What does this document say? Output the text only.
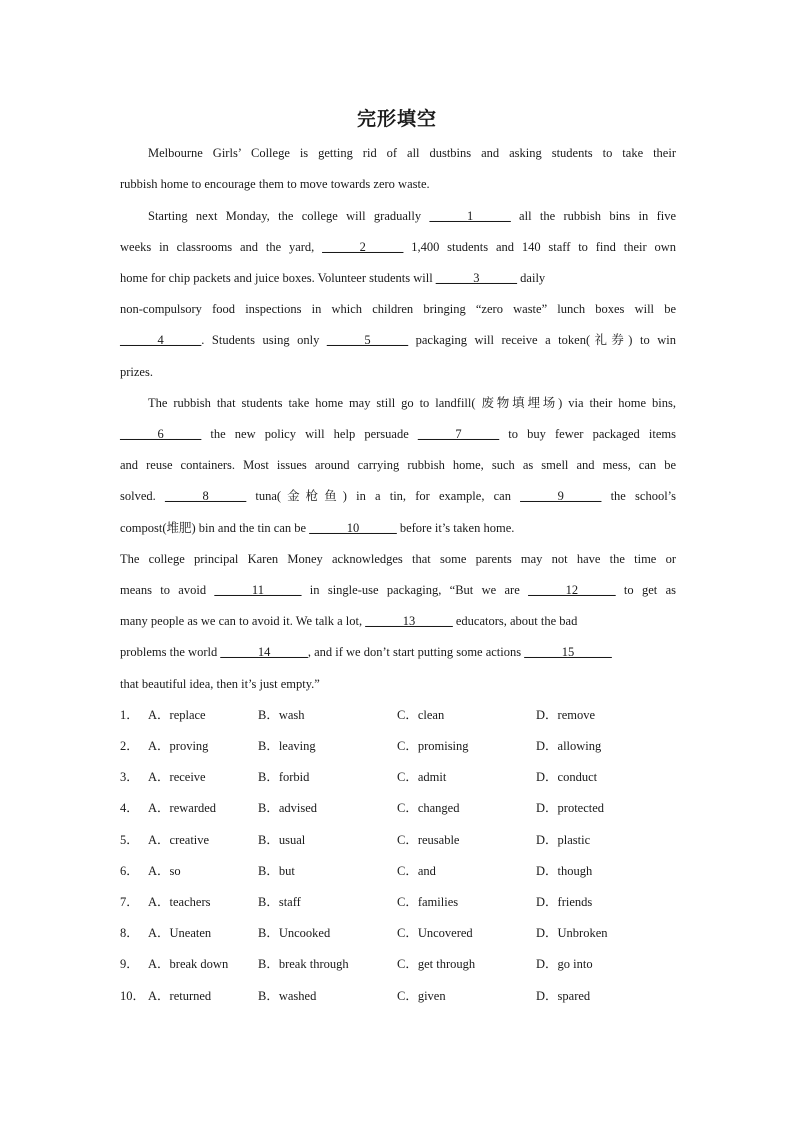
完形填空
Melbourne Girls’ College is getting rid of all dustbins and asking students to take their
rubbish home to encourage them to move towards zero waste.
Starting next Monday, the college will gradually ______1______ all the rubbish bins in five
weeks in classrooms and the yard, ______2______ 1,400 students and 140 staff to find their own
home for chip packets and juice boxes. Volunteer students will ______3______ daily
non-compulsory food inspections in which children bringing “zero waste” lunch boxes will be
______4______. Students using only ______5______ packaging will receive a token(礼券) to win
prizes.
The rubbish that students take home may still go to landfill( 废物填埋场) via their home bins,
______6______ the new policy will help persuade ______7______ to buy fewer packaged items
and reuse containers. Most issues around carrying rubbish home, such as smell and mess, can be
solved. ______8______ tuna(金枪鱼) in a tin, for example, can ______9______ the school’s
compost(堆肥) bin and the tin can be ______10______ before it’s taken home.
The college principal Karen Money acknowledges that some parents may not have the time or
means to avoid ______11______ in single-use packaging, “But we are ______12______ to get as
many people as we can to avoid it. We talk a lot, ______13______ educators, about the bad
problems the world ______14______, and if we don’t start putting some actions ______15______
that beautiful idea, then it’s just empty.”
1． A．replace	B．wash	C．clean	D．remove
2． A．proving	B．leaving	C．promising	D．allowing
3． A．receive	B．forbid	C．admit	D．conduct
4． A．rewarded	B．advised	C．changed	D．protected
5． A．creative	B．usual	C．reusable	D．plastic
6． A．so	B．but	C．and	D．though
7． A．teachers	B．staff	C．families	D．friends
8． A．Uneaten	B．Uncooked	C．Uncovered	D．Unbroken
9． A．break down B．break through	C．get through	D．go into
10． A．returned	B．washed	C．given	D．spared
